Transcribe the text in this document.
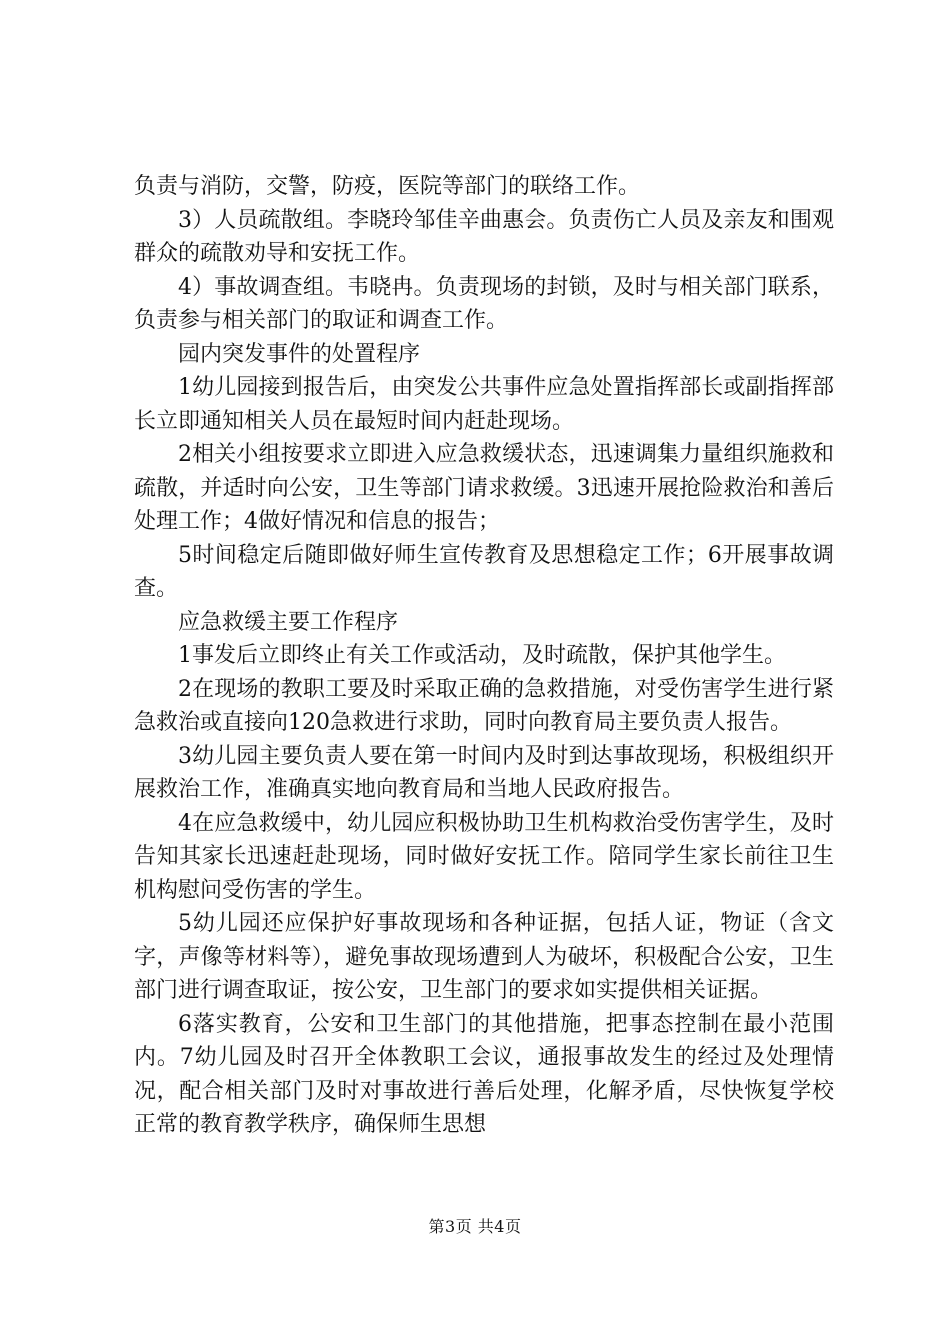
负责与消防，交警，防疫，医院等部门的联络工作。

3）人员疏散组。李晓玲邹佳辛曲惠会。负责伤亡人员及亲友和围观群众的疏散劝导和安抚工作。

4）事故调查组。韦晓冉。负责现场的封锁，及时与相关部门联系，负责参与相关部门的取证和调查工作。

园内突发事件的处置程序

1幼儿园接到报告后，由突发公共事件应急处置指挥部长或副指挥部长立即通知相关人员在最短时间内赶赴现场。

2相关小组按要求立即进入应急救缓状态，迅速调集力量组织施救和疏散，并适时向公安，卫生等部门请求救缓。3迅速开展抢险救治和善后处理工作；4做好情况和信息的报告；

5时间稳定后随即做好师生宣传教育及思想稳定工作；6开展事故调查。

应急救缓主要工作程序

1事发后立即终止有关工作或活动，及时疏散，保护其他学生。

2在现场的教职工要及时采取正确的急救措施，对受伤害学生进行紧急救治或直接向120急救进行求助，同时向教育局主要负责人报告。

3幼儿园主要负责人要在第一时间内及时到达事故现场，积极组织开展救治工作，准确真实地向教育局和当地人民政府报告。

4在应急救缓中，幼儿园应积极协助卫生机构救治受伤害学生，及时告知其家长迅速赶赴现场，同时做好安抚工作。陪同学生家长前往卫生机构慰问受伤害的学生。

5幼儿园还应保护好事故现场和各种证据，包括人证，物证（含文字，声像等材料等），避免事故现场遭到人为破坏，积极配合公安，卫生部门进行调查取证，按公安，卫生部门的要求如实提供相关证据。

6落实教育，公安和卫生部门的其他措施，把事态控制在最小范围内。7幼儿园及时召开全体教职工会议，通报事故发生的经过及处理情况，配合相关部门及时对事故进行善后处理，化解矛盾，尽快恢复学校正常的教育教学秩序，确保师生思想

第3页 共4页
